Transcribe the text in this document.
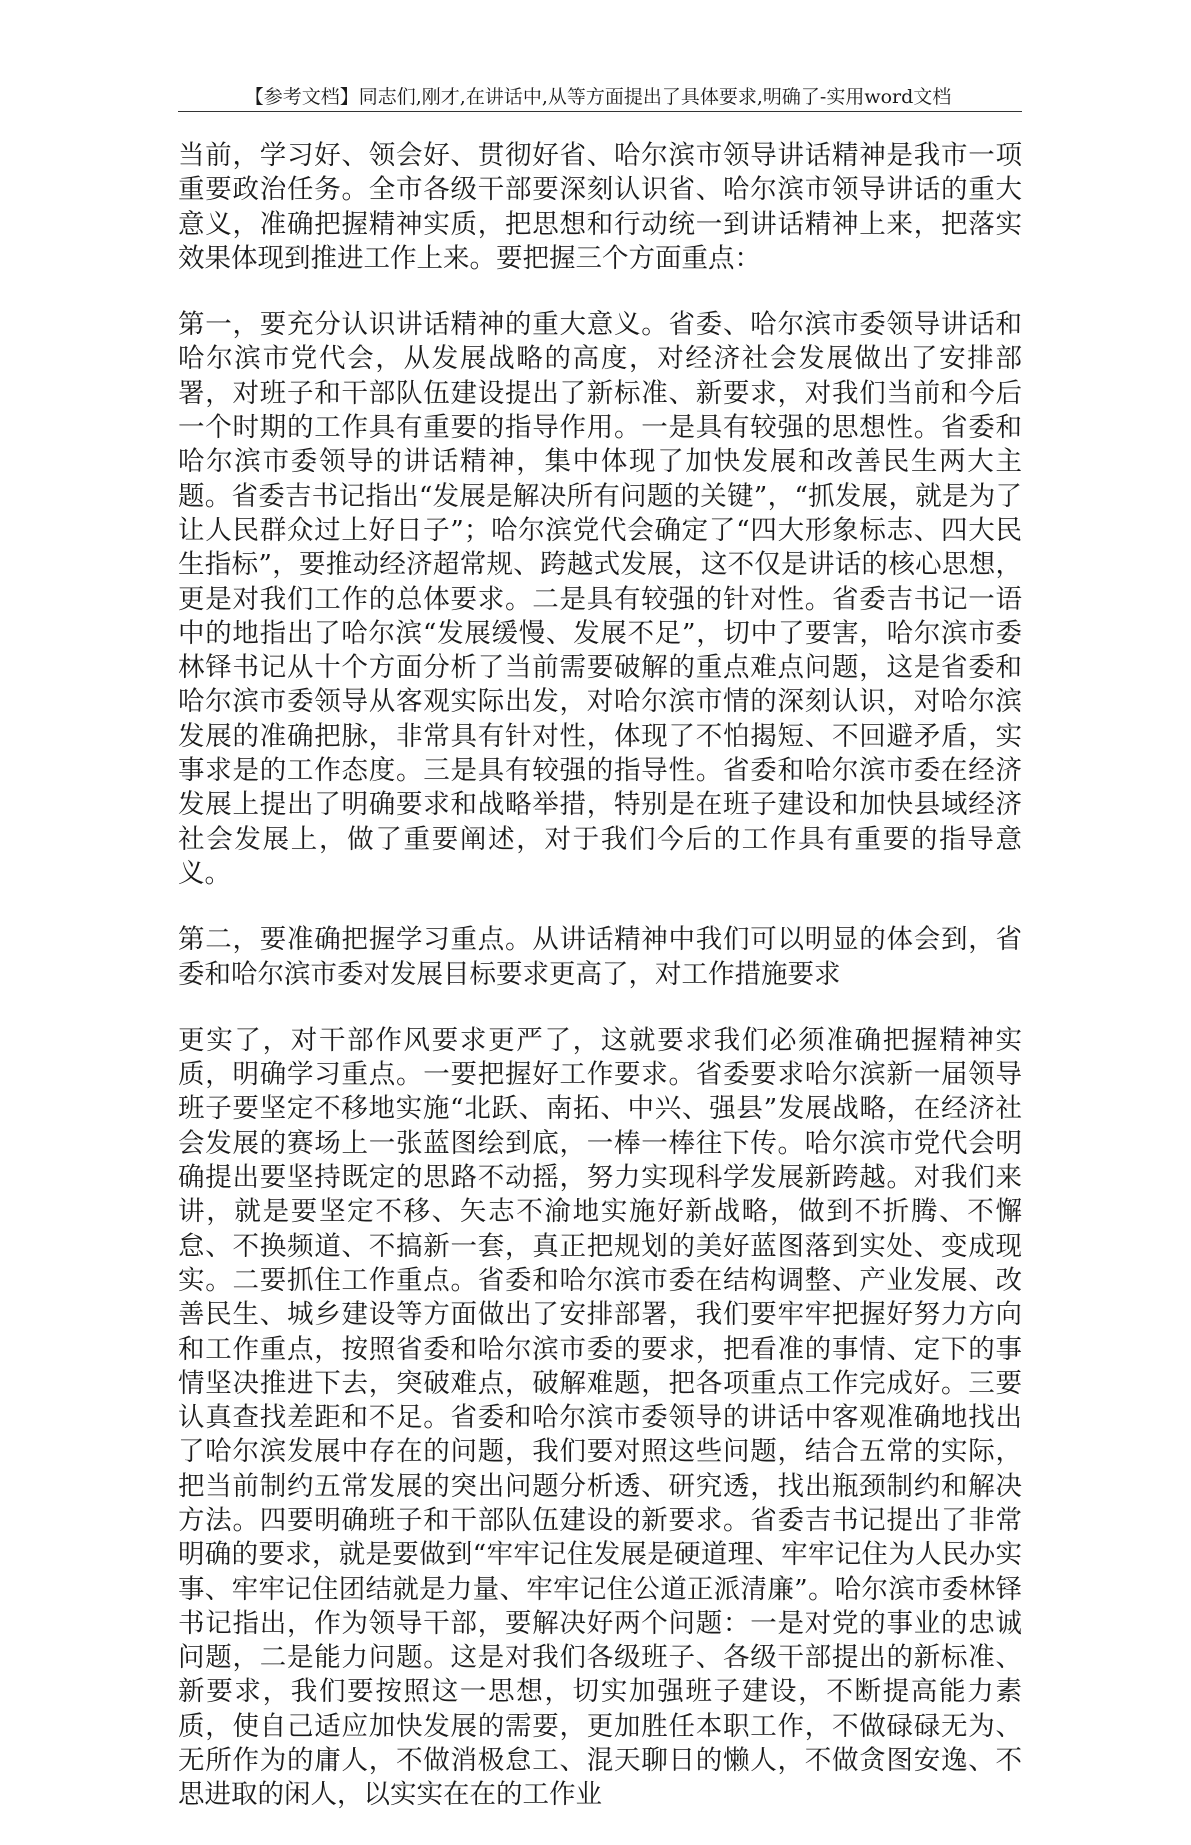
【参考文档】同志们,刚才,在讲话中,从等方面提出了具体要求,明确了-实用word文档

当前，学习好、领会好、贯彻好省、哈尔滨市领导讲话精神是我市一项重要政治任务。全市各级干部要深刻认识省、哈尔滨市领导讲话的重大意义，准确把握精神实质，把思想和行动统一到讲话精神上来，把落实效果体现到推进工作上来。要把握三个方面重点：

第一，要充分认识讲话精神的重大意义。省委、哈尔滨市委领导讲话和哈尔滨市党代会，从发展战略的高度，对经济社会发展做出了安排部署，对班子和干部队伍建设提出了新标准、新要求，对我们当前和今后一个时期的工作具有重要的指导作用。一是具有较强的思想性。省委和哈尔滨市委领导的讲话精神，集中体现了加快发展和改善民生两大主题。省委吉书记指出“发展是解决所有问题的关键”，“抓发展，就是为了让人民群众过上好日子”；哈尔滨党代会确定了“四大形象标志、四大民生指标”，要推动经济超常规、跨越式发展，这不仅是讲话的核心思想，更是对我们工作的总体要求。二是具有较强的针对性。省委吉书记一语中的地指出了哈尔滨“发展缓慢、发展不足”，切中了要害，哈尔滨市委林铎书记从十个方面分析了当前需要破解的重点难点问题，这是省委和哈尔滨市委领导从客观实际出发，对哈尔滨市情的深刻认识，对哈尔滨发展的准确把脉，非常具有针对性，体现了不怕揭短、不回避矛盾，实事求是的工作态度。三是具有较强的指导性。省委和哈尔滨市委在经济发展上提出了明确要求和战略举措，特别是在班子建设和加快县域经济社会发展上，做了重要阐述，对于我们今后的工作具有重要的指导意义。

第二，要准确把握学习重点。从讲话精神中我们可以明显的体会到，省委和哈尔滨市委对发展目标要求更高了，对工作措施要求

更实了，对干部作风要求更严了，这就要求我们必须准确把握精神实质，明确学习重点。一要把握好工作要求。省委要求哈尔滨新一届领导班子要坚定不移地实施“北跃、南拓、中兴、强县”发展战略，在经济社会发展的赛场上一张蓝图绘到底，一棒一棒往下传。哈尔滨市党代会明确提出要坚持既定的思路不动摇，努力实现科学发展新跨越。对我们来讲，就是要坚定不移、矢志不渝地实施好新战略，做到不折腾、不懈怠、不换频道、不搞新一套，真正把规划的美好蓝图落到实处、变成现实。二要抓住工作重点。省委和哈尔滨市委在结构调整、产业发展、改善民生、城乡建设等方面做出了安排部署，我们要牢牢把握好努力方向和工作重点，按照省委和哈尔滨市委的要求，把看准的事情、定下的事情坚决推进下去，突破难点，破解难题，把各项重点工作完成好。三要认真查找差距和不足。省委和哈尔滨市委领导的讲话中客观准确地找出了哈尔滨发展中存在的问题，我们要对照这些问题，结合五常的实际，把当前制约五常发展的突出问题分析透、研究透，找出瓶颈制约和解决方法。四要明确班子和干部队伍建设的新要求。省委吉书记提出了非常明确的要求，就是要做到“牢牢记住发展是硬道理、牢牢记住为人民办实事、牢牢记住团结就是力量、牢牢记住公道正派清廉”。哈尔滨市委林铎书记指出，作为领导干部，要解决好两个问题：一是对党的事业的忠诚问题，二是能力问题。这是对我们各级班子、各级干部提出的新标准、新要求，我们要按照这一思想，切实加强班子建设，不断提高能力素质，使自己适应加快发展的需要，更加胜任本职工作，不做碌碌无为、无所作为的庸人，不做消极怠工、混天聊日的懒人，不做贪图安逸、不思进取的闲人，以实实在在的工作业
